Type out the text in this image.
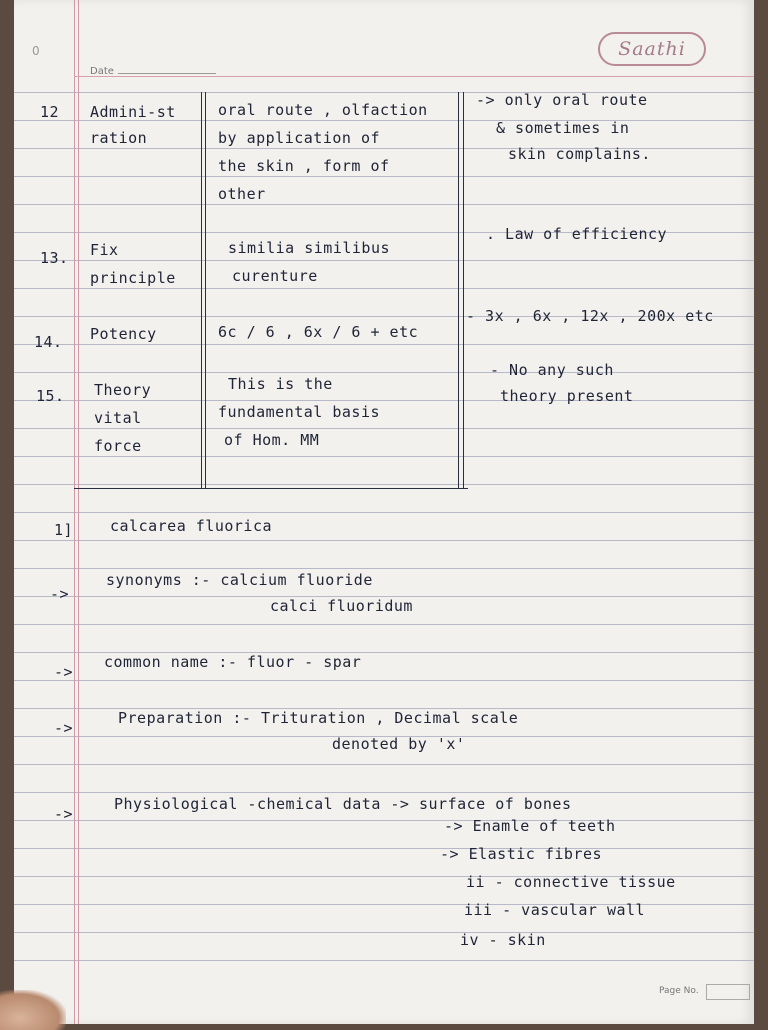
0	Saathi
Date
12 Admini-st
ration
oral route , olfaction
by application of
the skin , form of
other
-> only oral route
& sometimes in
skin complains.
13. Fix
principle
similia similibus
curenture
. Law of efficiency
14. Potency	6c / 6 , 6x / 6 + etc
- 3x , 6x , 12x , 200x etc
15. Theory
vital
force
This is the
fundamental basis
of Hom. MM
- No any such
theory present
1] calcarea fluorica
->
synonyms :- calcium fluoride
calci fluoridum
->
common name :- fluor - spar
->
Preparation :- Trituration , Decimal scale
denoted by 'x'
->
Physiological -chemical data -> surface of bones
-> Enamle of teeth
-> Elastic fibres
ii - connective tissue
iii - vascular wall
iv - skin
Page No.
